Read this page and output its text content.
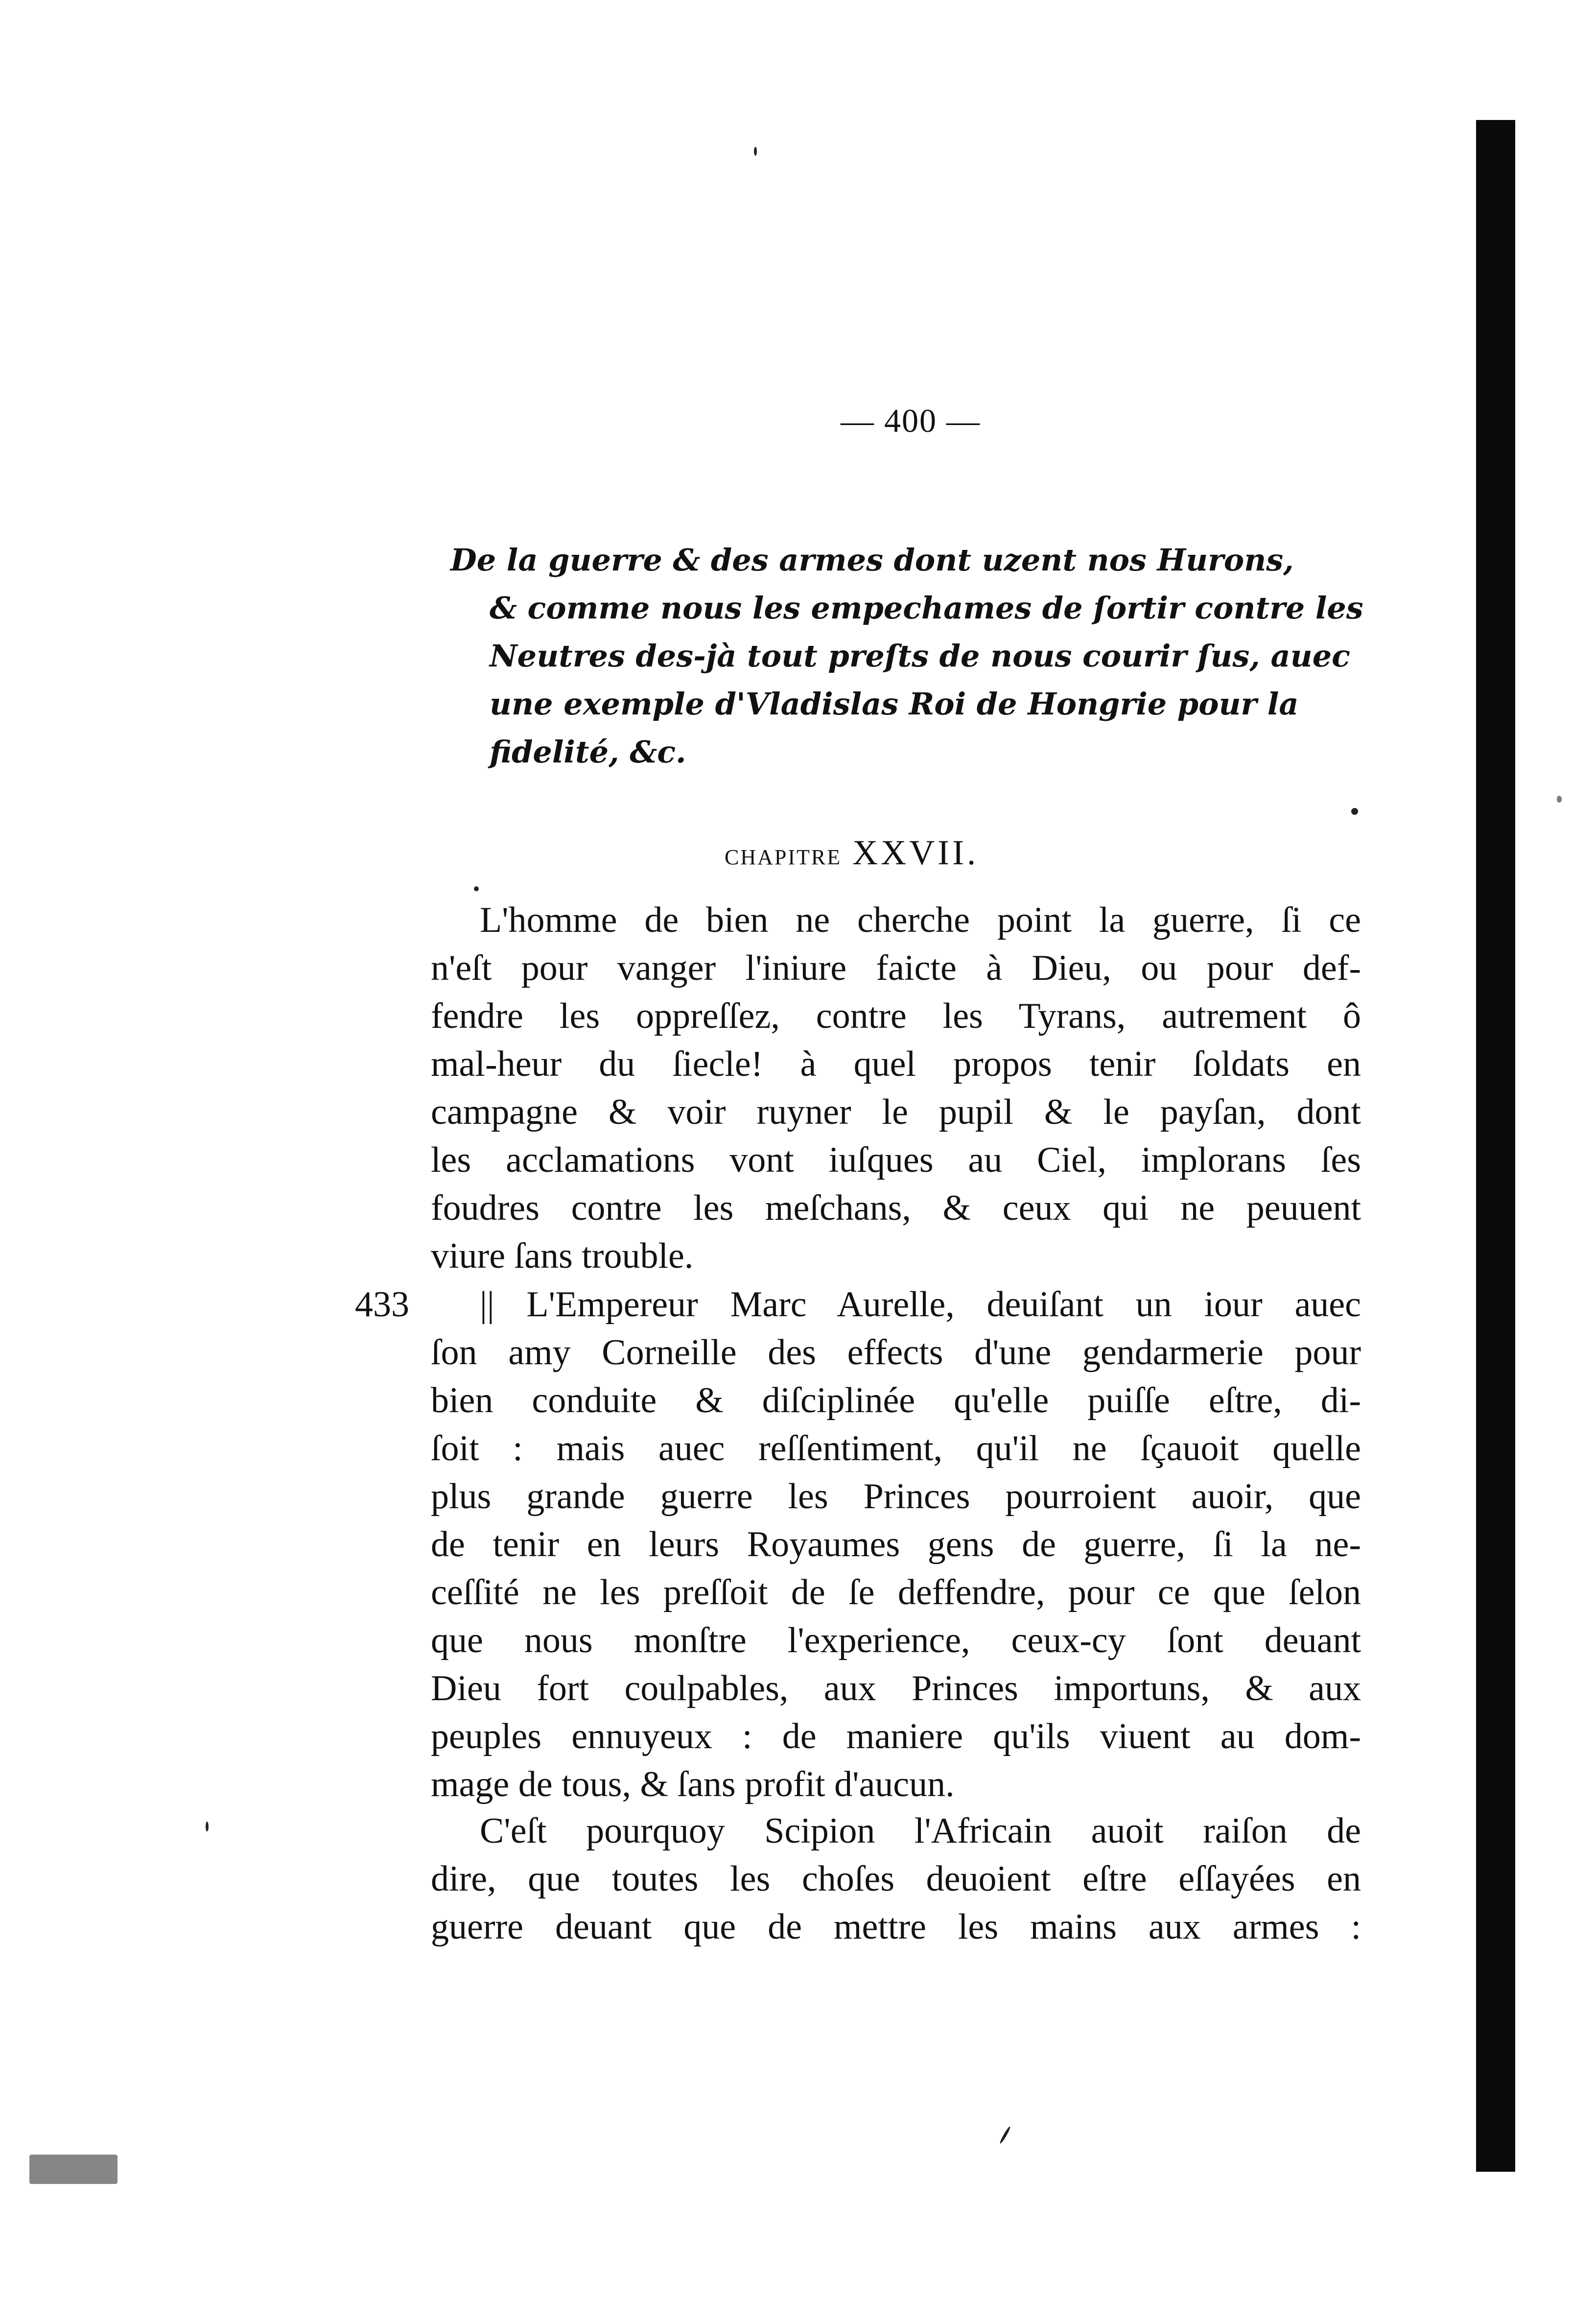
— 400 —
De la guerre & des armes dont uzent nos Hurons,
& comme nous les empechames de ſortir contre les
Neutres des-jà tout preſts de nous courir ſus, auec
une exemple d'Vladislas Roi de Hongrie pour la
fidelité, &c.
CHAPITRE XXVII.
L'homme de bien ne cherche point la guerre, ſi ce
n'eſt pour vanger l'iniure faicte à Dieu, ou pour def-
fendre les oppreſſez, contre les Tyrans, autrement ô
mal-heur du ſiecle! à quel propos tenir ſoldats en
campagne & voir ruyner le pupil & le payſan, dont
les acclamations vont iuſques au Ciel, implorans ſes
foudres contre les meſchans, & ceux qui ne peuuent
viure ſans trouble.
433	|| L'Empereur Marc Aurelle, deuiſant un iour auec
ſon amy Corneille des effects d'une gendarmerie pour
bien conduite & diſciplinée qu'elle puiſſe eſtre, di-
ſoit : mais auec reſſentiment, qu'il ne ſçauoit quelle
plus grande guerre les Princes pourroient auoir, que
de tenir en leurs Royaumes gens de guerre, ſi la ne-
ceſſité ne les preſſoit de ſe deffendre, pour ce que ſelon
que nous monſtre l'experience, ceux-cy ſont deuant
Dieu fort coulpables, aux Princes importuns, & aux
peuples ennuyeux : de maniere qu'ils viuent au dom-
mage de tous, & ſans profit d'aucun.
C'eſt pourquoy Scipion l'Africain auoit raiſon de
dire, que toutes les choſes deuoient eſtre eſſayées en
guerre deuant que de mettre les mains aux armes :
